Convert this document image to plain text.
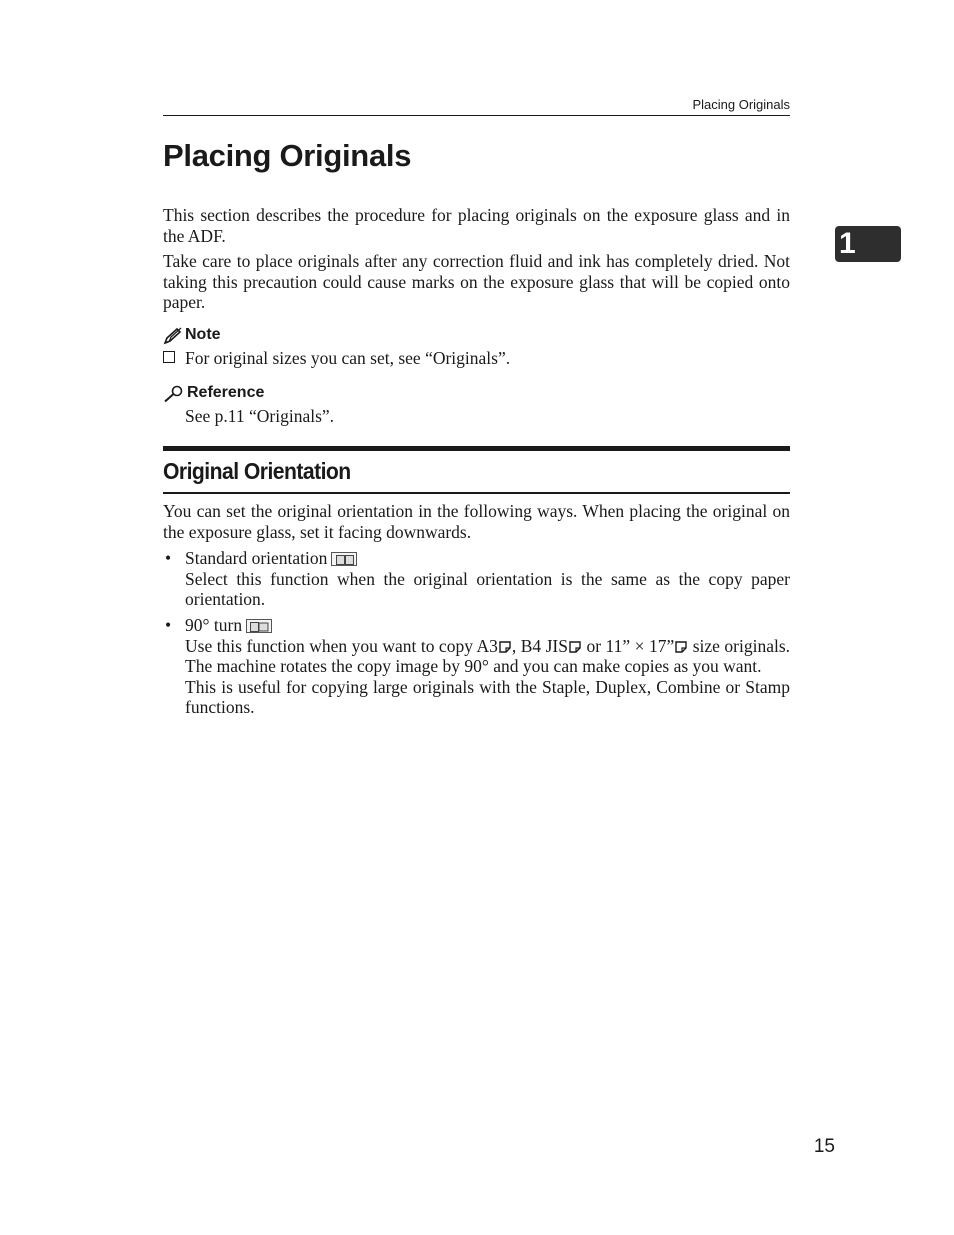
Placing Originals
Placing Originals
1

This section describes the procedure for placing originals on the exposure glass and in the ADF.

Take care to place originals after any correction fluid and ink has completely dried. Not taking this precaution could cause marks on the exposure glass that will be copied onto paper.

Note
For original sizes you can set, see “Originals”.
Reference
See p.11 “Originals”.
Original Orientation

You can set the original orientation in the following ways. When placing the original on the exposure glass, set it facing downwards.

• Standard orientation
Select this function when the original orientation is the same as the copy paper orientation.
• 90° turn
Use this function when you want to copy A3 , B4 JIS or 11” × 17” size originals. The machine rotates the copy image by 90° and you can make copies as you want.
This is useful for copying large originals with the Staple, Duplex, Combine or Stamp functions.
15
